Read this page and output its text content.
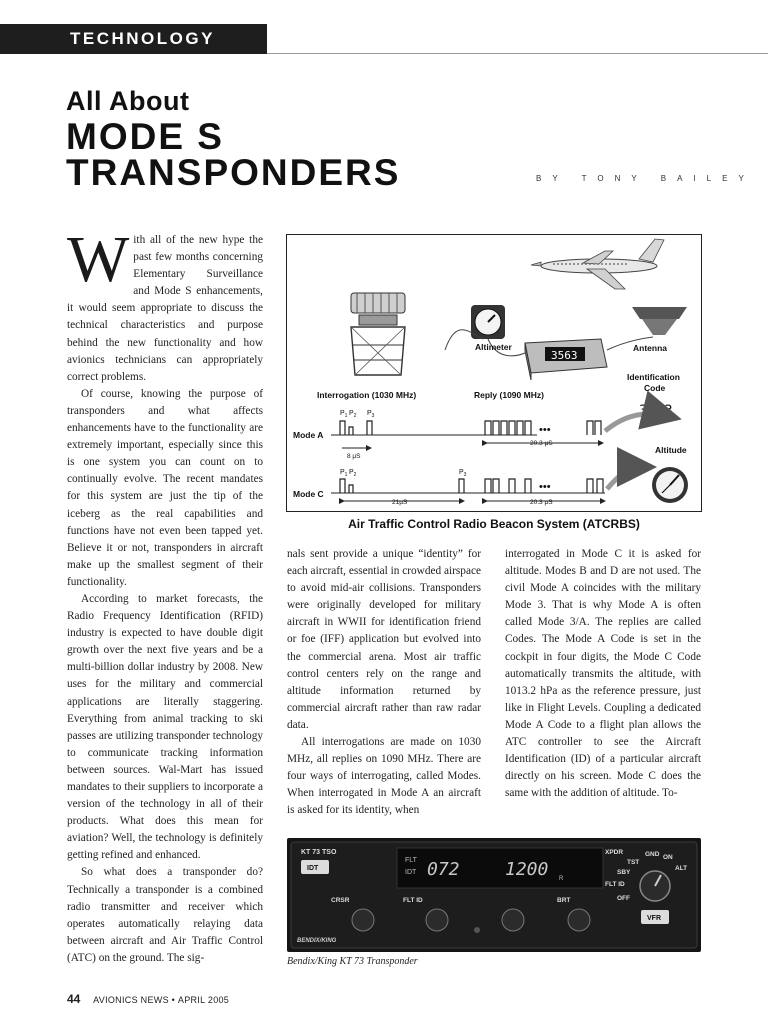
TECHNOLOGY
All About
MODE S
TRANSPONDERS	BY TONY BAILEY

With all of the new hype the past few months concerning Elementary Surveillance and Mode S enhancements, it would seem appropriate to discuss the technical characteristics and purpose behind the new functionality and how avionics technicians can appropriately correct problems.

Of course, knowing the purpose of transponders and what affects enhancements have to the functionality are extremely important, especially since this is one system you can count on to continually evolve. The recent mandates for this system are just the tip of the iceberg as the real capabilities and functions have not even been tapped yet. Believe it or not, transponders in aircraft make up the smallest segment of their functionality.

According to market forecasts, the Radio Frequency Identification (RFID) industry is expected to have double digit growth over the next five years and be a multi-billion dollar industry by 2008. New uses for the military and commercial applications are literally staggering. Everything from animal tracking to ski passes are utilizing transponder technology to communicate tracking information between sources. Wal-Mart has issued mandates to their suppliers to incorporate a version of the technology in all of their products. What does this mean for aviation? Well, the technology is definitely getting refined and enhanced.

So what does a transponder do? Technically a transponder is a combined radio transmitter and receiver which operates automatically relaying data between aircraft and Air Traffic Control (ATC) on the ground. The sig-

Altimeter
3563
Antenna
Identification
Code
3563
Interrogation (1030 MHz)	Reply (1090 MHz)
Mode A
$P_1$ $P_2$ $P_3$
8 μS
•••
20.3 μS
Mode C
$P_1$ $P_2$	$P_3$
21μS
•••
20.3 μS
Altitude
Air Traffic Control Radio Beacon System (ATCRBS)

nals sent provide a unique “identity” for each aircraft, essential in crowded airspace to avoid mid-air collisions. Transponders were originally developed for military aircraft in WWII for identification friend or foe (IFF) application but evolved into the commercial arena. Most air traffic control centers rely on the range and altitude information returned by commercial aircraft rather than raw radar data.

All interrogations are made on 1030 MHz, all replies on 1090 MHz. There are four ways of interrogating, called Modes. When interrogated in Mode A an aircraft is asked for its identity, when

interrogated in Mode C it is asked for altitude. Modes B and D are not used. The civil Mode A coincides with the military Mode 3. That is why Mode A is often called Mode 3/A. The replies are called Codes. The Mode A Code is set in the cockpit in four digits, the Mode C Code automatically transmits the altitude, with 1013.2 hPa as the reference pressure, just like in Flight Levels. Coupling a dedicated Mode A Code to a flight plan allows the ATC controller to see the Aircraft Identification (ID) of a particular aircraft directly on his screen. Mode C does the same with the addition of altitude. To-

KT 73 TSO
IDT
FLT
IDT 072	1200 R
XPDR
TST
GND ON
ALT
SBY
FLT ID
OFF
VFR
CRSR	FLT ID	BRT
BENDIX/KING
Bendix/King KT 73 Transponder
44 AVIONICS NEWS • APRIL 2005
